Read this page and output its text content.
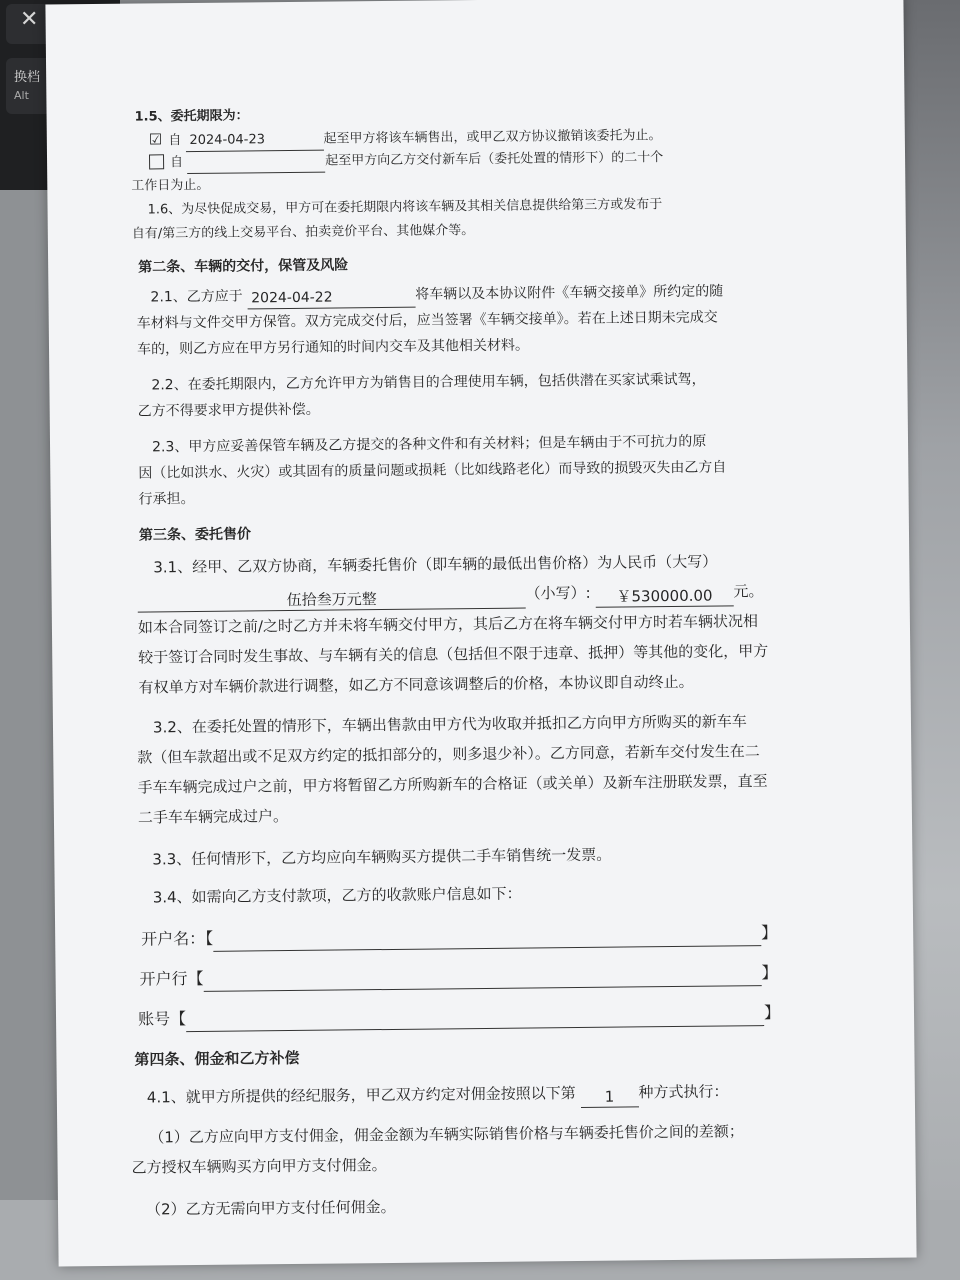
✕
换档
Alt
1.5、委托期限为：
☑ 自 2024-04-23	起至甲方将该车辆售出，或甲乙双方协议撤销该委托为止。
自	起至甲方向乙方交付新车后（委托处置的情形下）的二十个
工作日为止。
1.6、为尽快促成交易，甲方可在委托期限内将该车辆及其相关信息提供给第三方或发布于
自有/第三方的线上交易平台、拍卖竞价平台、其他媒介等。
第二条、车辆的交付，保管及风险
2.1、乙方应于 2024-04-22	将车辆以及本协议附件《车辆交接单》所约定的随
车材料与文件交甲方保管。双方完成交付后，应当签署《车辆交接单》。若在上述日期未完成交
车的，则乙方应在甲方另行通知的时间内交车及其他相关材料。
2.2、在委托期限内，乙方允许甲方为销售目的合理使用车辆，包括供潜在买家试乘试驾，
乙方不得要求甲方提供补偿。
2.3、甲方应妥善保管车辆及乙方提交的各种文件和有关材料；但是车辆由于不可抗力的原
因（比如洪水、火灾）或其固有的质量问题或损耗（比如线路老化）而导致的损毁灭失由乙方自
行承担。
第三条、委托售价
3.1、经甲、乙双方协商，车辆委托售价（即车辆的最低出售价格）为人民币（大写）
伍拾叁万元整	（小写）: ￥530000.00 元。
如本合同签订之前/之时乙方并未将车辆交付甲方，其后乙方在将车辆交付甲方时若车辆状况相
较于签订合同时发生事故、与车辆有关的信息（包括但不限于违章、抵押）等其他的变化，甲方
有权单方对车辆价款进行调整，如乙方不同意该调整后的价格，本协议即自动终止。
3.2、在委托处置的情形下，车辆出售款由甲方代为收取并抵扣乙方向甲方所购买的新车车
款（但车款超出或不足双方约定的抵扣部分的，则多退少补）。乙方同意，若新车交付发生在二
手车车辆完成过户之前，甲方将暂留乙方所购新车的合格证（或关单）及新车注册联发票，直至
二手车车辆完成过户。
3.3、任何情形下，乙方均应向车辆购买方提供二手车销售统一发票。
3.4、如需向乙方支付款项，乙方的收款账户信息如下：
开户名：【	】
开户行【	】
账号【	】
第四条、佣金和乙方补偿
4.1、就甲方所提供的经纪服务，甲乙双方约定对佣金按照以下第 1 种方式执行：
（1）乙方应向甲方支付佣金，佣金金额为车辆实际销售价格与车辆委托售价之间的差额；
乙方授权车辆购买方向甲方支付佣金。
（2）乙方无需向甲方支付任何佣金。
